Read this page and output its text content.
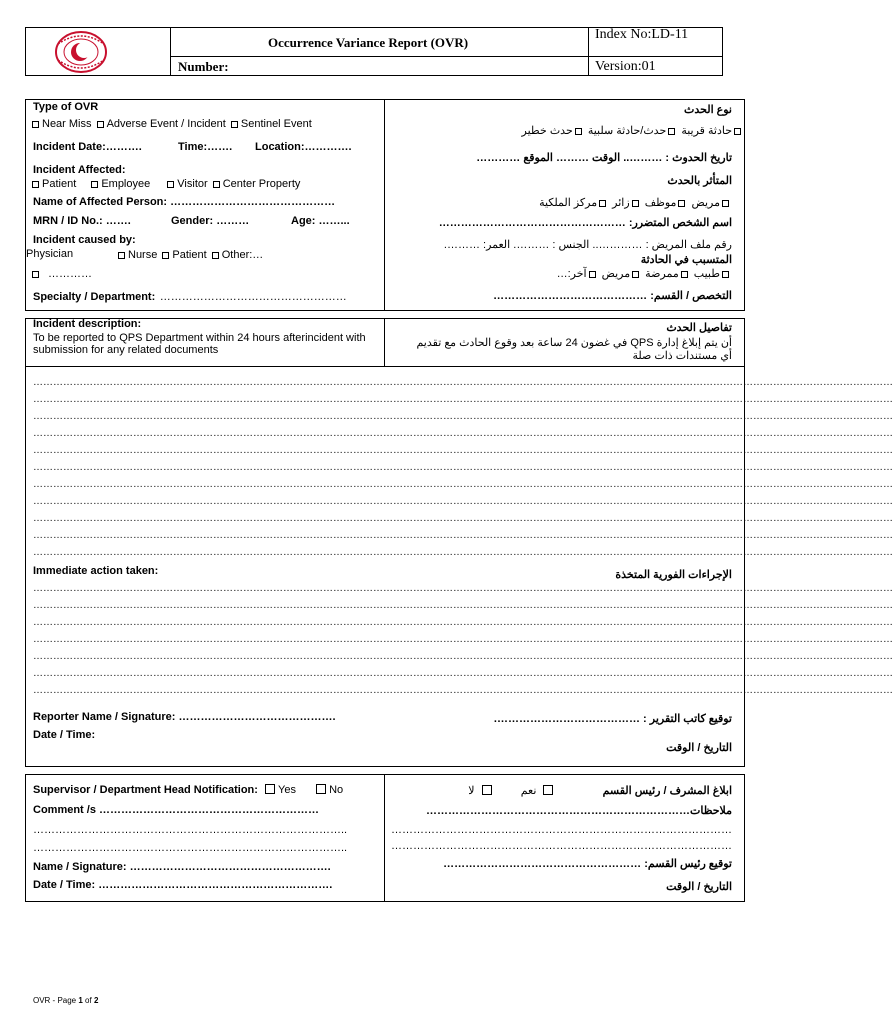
Occurrence Variance Report (OVR)
Number:
Index No:LD-11
Version:01
Type of OVR
Near Miss Adverse Event / Incident Sentinel Event
Incident Date:……….	Time:……. Location:………….
Incident Affected:
Patient Employee Visitor Center Property
Name of Affected Person: ………………………………………
MRN / ID No.: …….	Gender: ………	Age: ……...
Incident caused by:
Physician	Nurse Patient Other:…
…………
Specialty / Department: ……………………………………………
نوع الحدث
حادثة قريبة حدث/حادثة سلبية حدث خطير
تاريخ الحدوث : ……….. الوقت ……… الموقع …………
المتأثر بالحدث
مريض موظف زائر مركز الملكية
اسم الشخص المتضرر: ……………………………………………
رقم ملف المريض : ………….. الجنس : ………. العمر: ……….
المتسبب في الحادثة
طبيب ممرضة مريض آخر:…
التخصص / القسم: ……………………………………
Incident description:
To be reported to QPS Department within 24 hours afterincident with submission for any related documents
تفاصيل الحدث
أن يتم إبلاغ إدارة QPS في غضون 24 ساعة بعد وقوع الحادث مع تقديم أي مستندات ذات صلة
……………………………………………………………………………………………………………………………………………………………………………………………………………………………………
……………………………………………………………………………………………………………………………………………………………………………………………………………………………………
……………………………………………………………………………………………………………………………………………………………………………………………………………………………………
……………………………………………………………………………………………………………………………………………………………………………………………………………………………………
……………………………………………………………………………………………………………………………………………………………………………………………………………………………………
……………………………………………………………………………………………………………………………………………………………………………………………………………………………………
……………………………………………………………………………………………………………………………………………………………………………………………………………………………………
……………………………………………………………………………………………………………………………………………………………………………………………………………………………………
……………………………………………………………………………………………………………………………………………………………………………………………………………………………………
……………………………………………………………………………………………………………………………………………………………………………………………………………………………………
……………………………………………………………………………………………………………………………………………………………………………………………………………………………………
Immediate action taken:	الإجراءات الفورية المتخذة
……………………………………………………………………………………………………………………………………………………………………………………………………………………………………
……………………………………………………………………………………………………………………………………………………………………………………………………………………………………
……………………………………………………………………………………………………………………………………………………………………………………………………………………………………
……………………………………………………………………………………………………………………………………………………………………………………………………………………………………
……………………………………………………………………………………………………………………………………………………………………………………………………………………………………
……………………………………………………………………………………………………………………………………………………………………………………………………………………………………
……………………………………………………………………………………………………………………………………………………………………………………………………………………………………
Reporter Name / Signature: …………………………………….	توقيع كاتب التقرير : ………………………………….
Date / Time:
التاريخ / الوقت
Supervisor / Department Head Notification: Yes	No
Comment /s ……………………………………………………
…………………………………………………………………………..
…………………………………………………………………………..
Name / Signature: ……………………………………………….
Date / Time: ……………………………………………………….
ابلاغ المشرف / رئيس القسم   نعم   لا
ملاحظات………………………………………………………………
…………………………………………………………………………………
…………………………………………………………………………………
توقيع رئيس القسم: ………………………………………………
التاريخ / الوقت
OVR - Page 1 of 2
